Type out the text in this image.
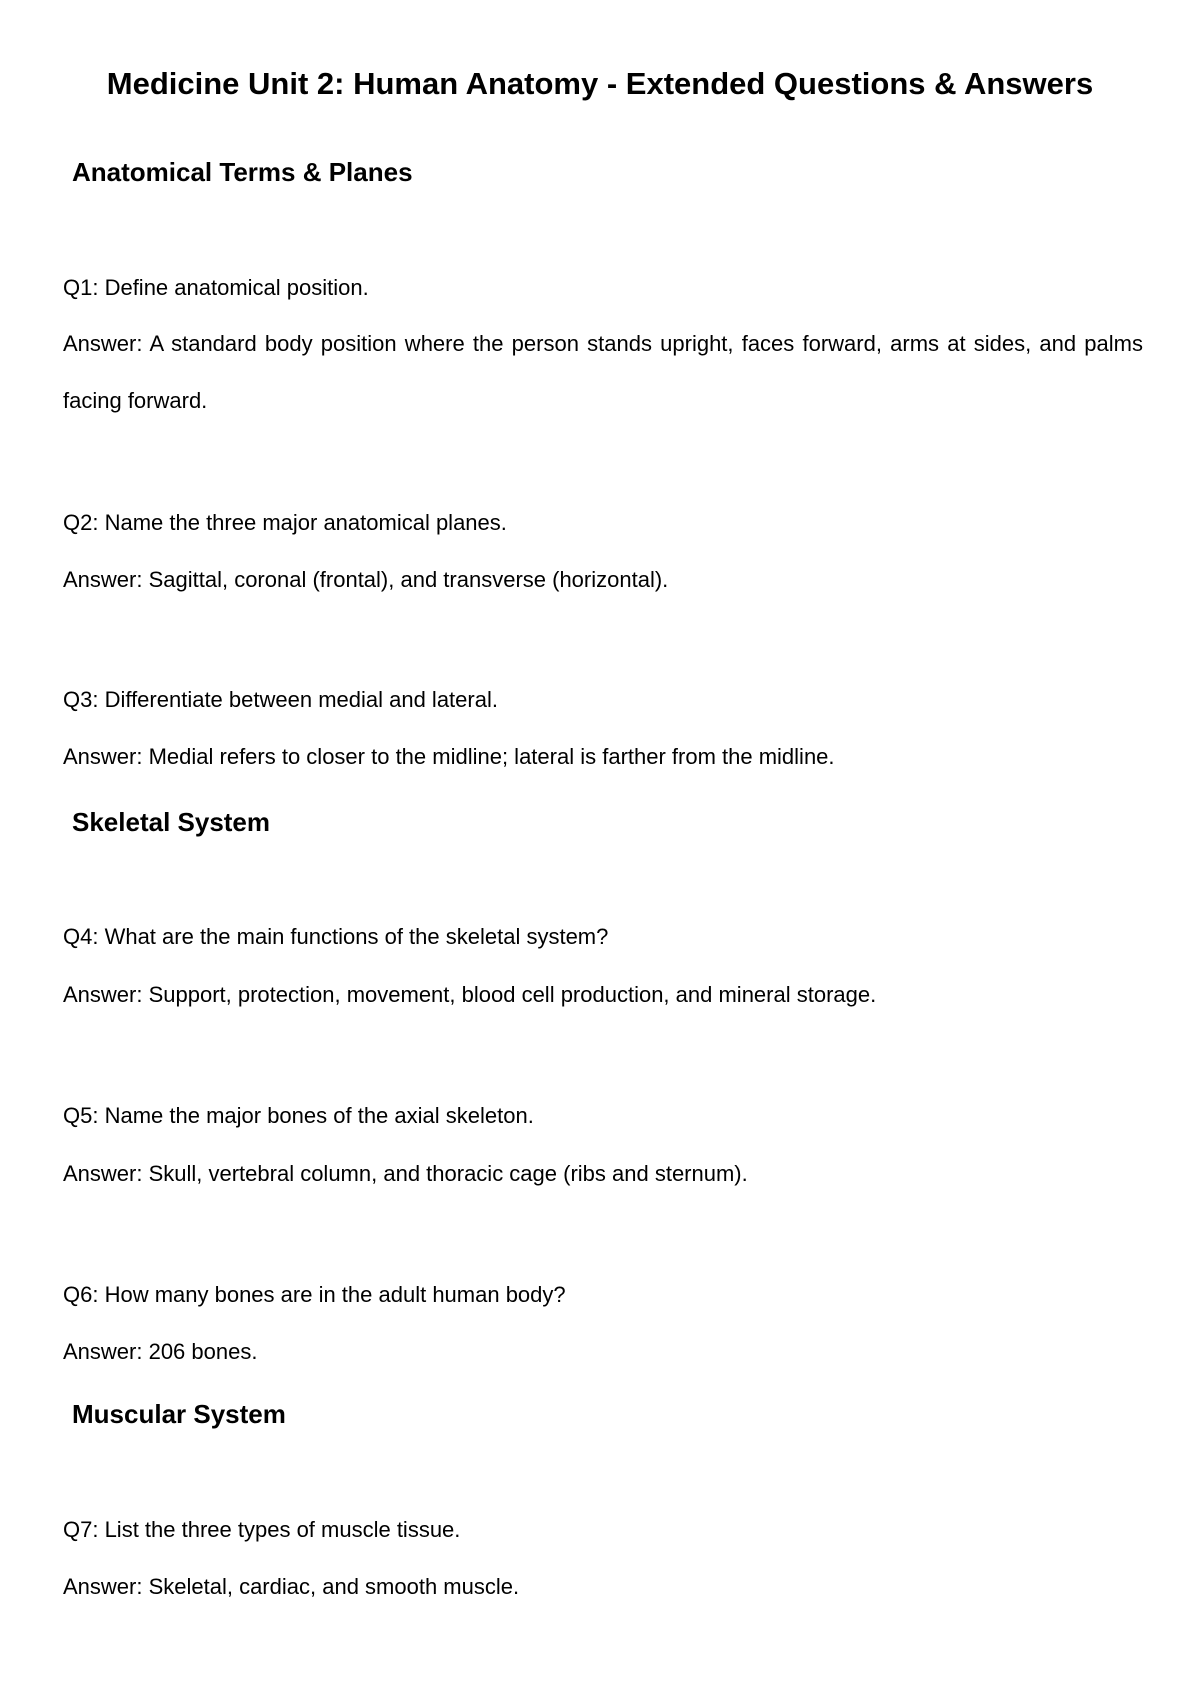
Medicine Unit 2: Human Anatomy - Extended Questions & Answers
Anatomical Terms & Planes

Q1: Define anatomical position.

Answer: A standard body position where the person stands upright, faces forward, arms at sides, and palms facing forward.

Q2: Name the three major anatomical planes.

Answer: Sagittal, coronal (frontal), and transverse (horizontal).

Q3: Differentiate between medial and lateral.

Answer: Medial refers to closer to the midline; lateral is farther from the midline.

Skeletal System

Q4: What are the main functions of the skeletal system?

Answer: Support, protection, movement, blood cell production, and mineral storage.

Q5: Name the major bones of the axial skeleton.

Answer: Skull, vertebral column, and thoracic cage (ribs and sternum).

Q6: How many bones are in the adult human body?

Answer: 206 bones.

Muscular System

Q7: List the three types of muscle tissue.

Answer: Skeletal, cardiac, and smooth muscle.
